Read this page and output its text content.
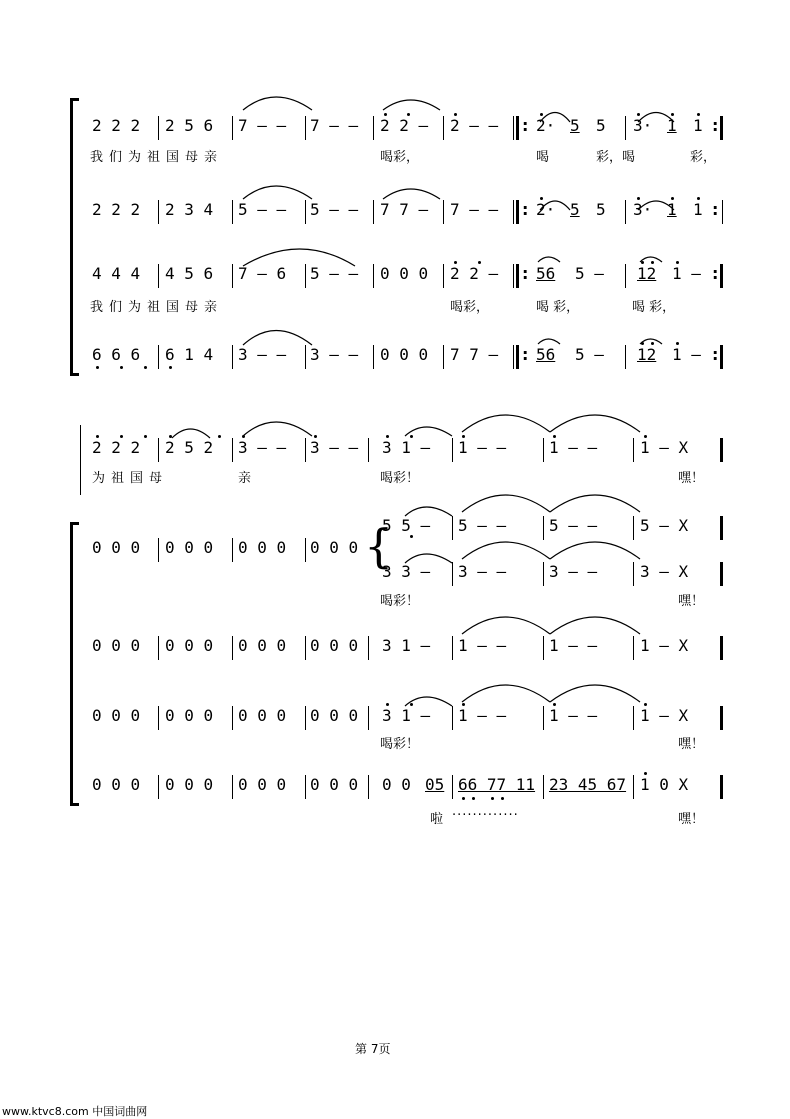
2 2 2 2 5 6 7 – – 7 – – 2 2 – 2 – – : 2· 5 5 3· 1 1 :
我们为祖国母亲	喝彩，	喝	彩，喝	彩，
2 2 2 2 3 4 5 – – 5 – – 7 7 – 7 – – : 2· 5 5 3· 1 1 :
4 4 4 4 5 6 7 – 6 5 – – 0 0 0 2 2 – : 56 5 – 12 1 – :
我们为祖国母亲	喝彩，	喝 彩，	喝 彩，
6 6 6 6 1 4 3 – – 3 – – 0 0 0 7 7 – : 56 5 – 12 1 – :
2 2 2 2 5 2 3 – – 3 – – 3 1 – 1 – –	1 – –	1 – X
为祖国母	亲	喝彩！	嘿！
0 0 0 0 0 0 0 0 0 0 0 0 {
5 5 – 5 – –	5 – –	5 – X
3 3 – 3 – –	3 – –	3 – X
喝彩！	嘿！
0 0 0 0 0 0 0 0 0 0 0 0 3 1 – 1 – –	1 – –	1 – X
0 0 0 0 0 0 0 0 0 0 0 0 3 1 – 1 – –	1 – –	1 – X
喝彩！	嘿！
0 0 0 0 0 0 0 0 0 0 0 0 0 0 05 66 77 11 23 45 67 1 0 X
啦 ·············	嘿！
第 7页
www.ktvc8.com 中国词曲网
